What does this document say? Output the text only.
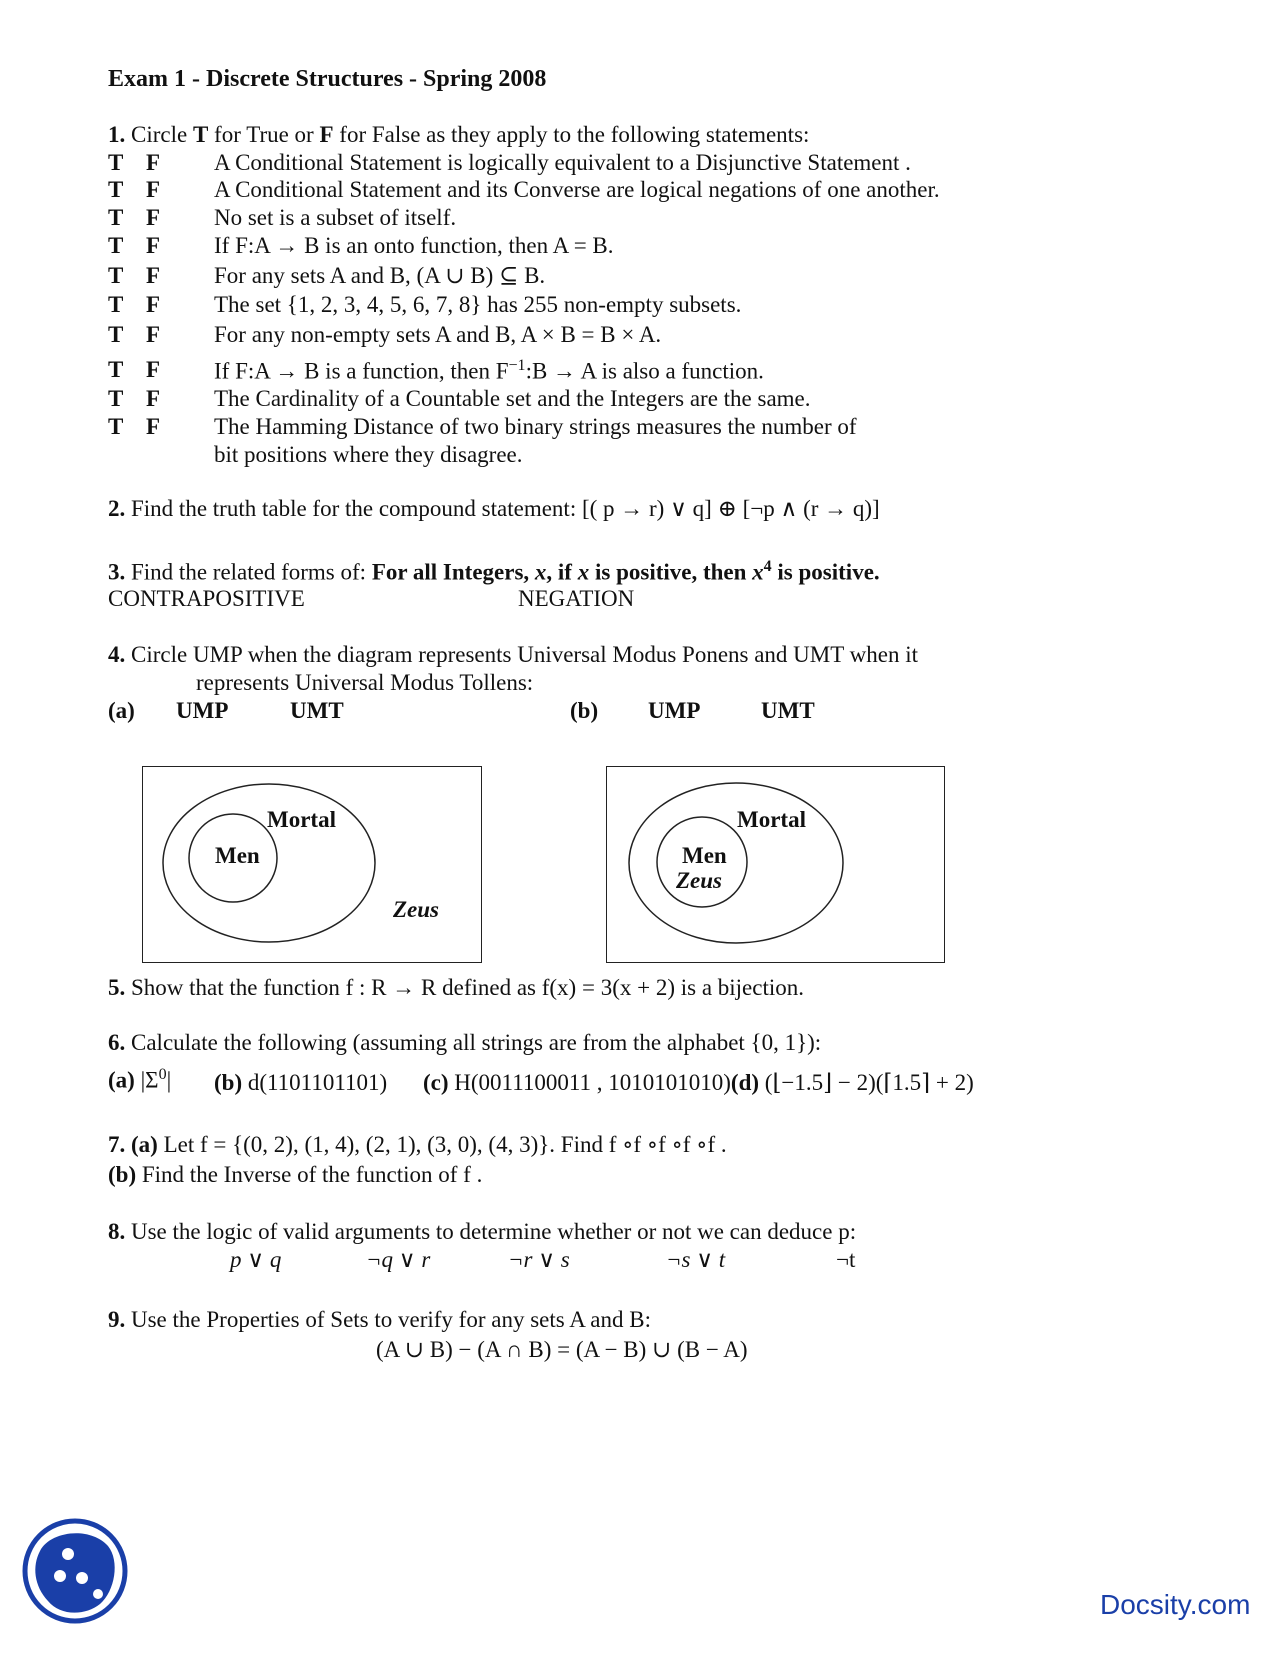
Exam 1 - Discrete Structures - Spring 2008
1. Circle T for True or F for False as they apply to the following statements:
T F A Conditional Statement is logically equivalent to a Disjunctive Statement .
T F A Conditional Statement and its Converse are logical negations of one another.
T F No set is a subset of itself.
T F If F:A → B is an onto function, then A = B.
T F For any sets A and B, (A ∪ B) ⊆ B.
T F The set {1, 2, 3, 4, 5, 6, 7, 8} has 255 non-empty subsets.
T F For any non-empty sets A and B, A × B = B × A.
T F If F:A → B is a function, then $F^{-1}:B \to A$ is also a function.
T F The Cardinality of a Countable set and the Integers are the same.
T F The Hamming Distance of two binary strings measures the number of
bit positions where they disagree.
2. Find the truth table for the compound statement: [( p → r) ∨ q] ⊕ [¬p ∧ (r → q)]
3. Find the related forms of: For all Integers, x, if x is positive, then $x^4$ is positive.
CONTRAPOSITIVE	NEGATION
4. Circle UMP when the diagram represents Universal Modus Ponens and UMT when it
represents Universal Modus Tollens:
(a) UMP	UMT	(b) UMP	UMT
Mortal
Men
Zeus
Mortal
Men
Zeus
5. Show that the function f : R → R defined as f(x) = 3(x + 2) is a bijection.
6. Calculate the following (assuming all strings are from the alphabet {0, 1}):
(a) $|\Sigma^0|$ (b) d(1101101101) (c) H(0011100011 , 1010101010)(d) (⌊−1.5⌋ − 2)(⌈1.5⌉ + 2)
7. (a) Let f = {(0, 2), (1, 4), (2, 1), (3, 0), (4, 3)}. Find f ∘f ∘f ∘f ∘f .
(b) Find the Inverse of the function of f .
8. Use the logic of valid arguments to determine whether or not we can deduce p:
p ∨ q	¬q ∨ r	¬r ∨ s	¬s ∨ t	¬t
9. Use the Properties of Sets to verify for any sets A and B:
(A ∪ B) − (A ∩ B) = (A − B) ∪ (B − A)
Docsity.com
